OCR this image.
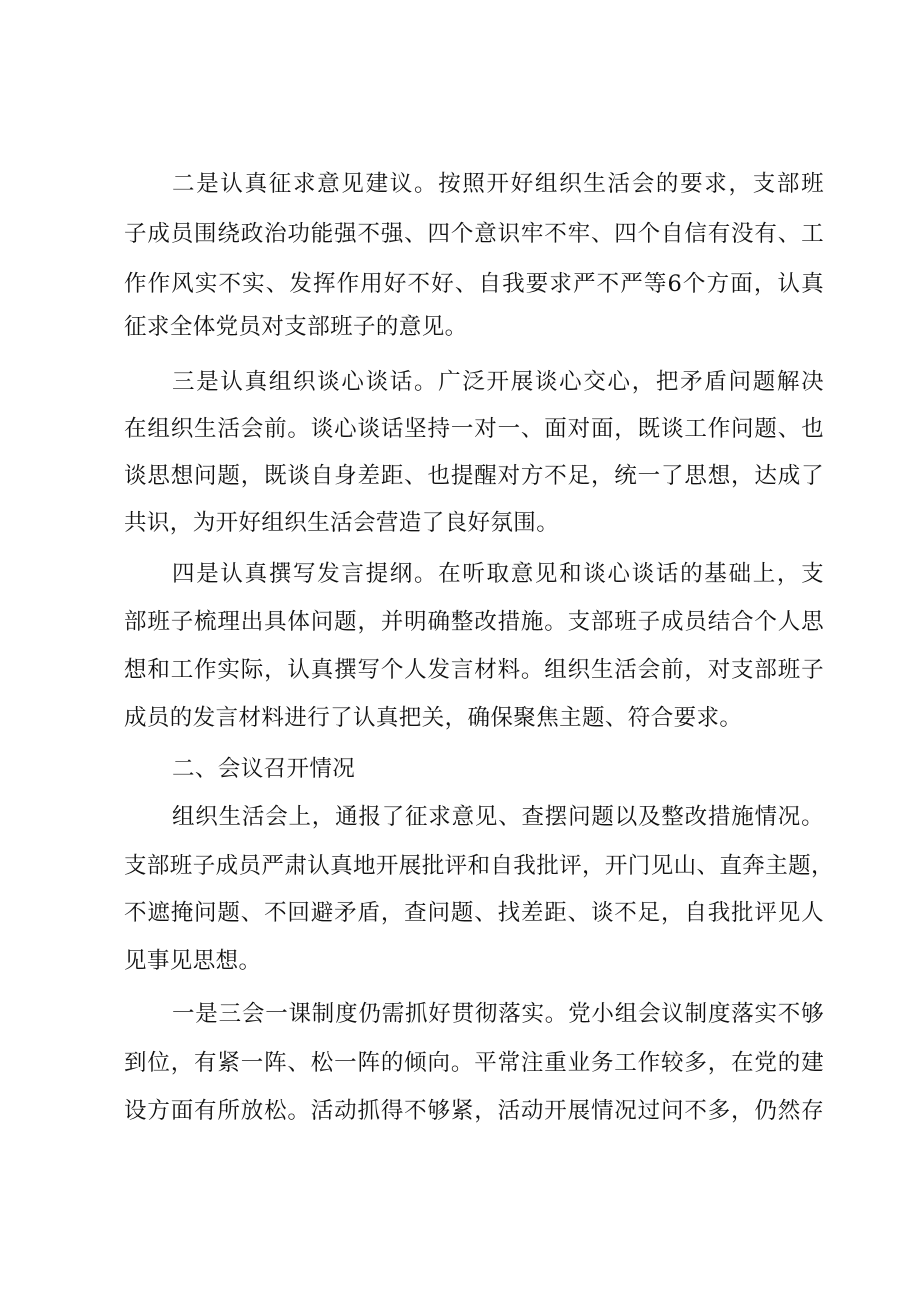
二是认真征求意见建议。按照开好组织生活会的要求，支部班
子成员围绕政治功能强不强、四个意识牢不牢、四个自信有没有、工
作作风实不实、发挥作用好不好、自我要求严不严等6个方面，认真
征求全体党员对支部班子的意见。
三是认真组织谈心谈话。广泛开展谈心交心，把矛盾问题解决
在组织生活会前。谈心谈话坚持一对一、面对面，既谈工作问题、也
谈思想问题，既谈自身差距、也提醒对方不足，统一了思想，达成了
共识，为开好组织生活会营造了良好氛围。
四是认真撰写发言提纲。在听取意见和谈心谈话的基础上，支
部班子梳理出具体问题，并明确整改措施。支部班子成员结合个人思
想和工作实际，认真撰写个人发言材料。组织生活会前，对支部班子
成员的发言材料进行了认真把关，确保聚焦主题、符合要求。
二、会议召开情况
组织生活会上，通报了征求意见、查摆问题以及整改措施情况。
支部班子成员严肃认真地开展批评和自我批评，开门见山、直奔主题，
不遮掩问题、不回避矛盾，查问题、找差距、谈不足，自我批评见人
见事见思想。
一是三会一课制度仍需抓好贯彻落实。党小组会议制度落实不够
到位，有紧一阵、松一阵的倾向。平常注重业务工作较多，在党的建
设方面有所放松。活动抓得不够紧，活动开展情况过问不多，仍然存
